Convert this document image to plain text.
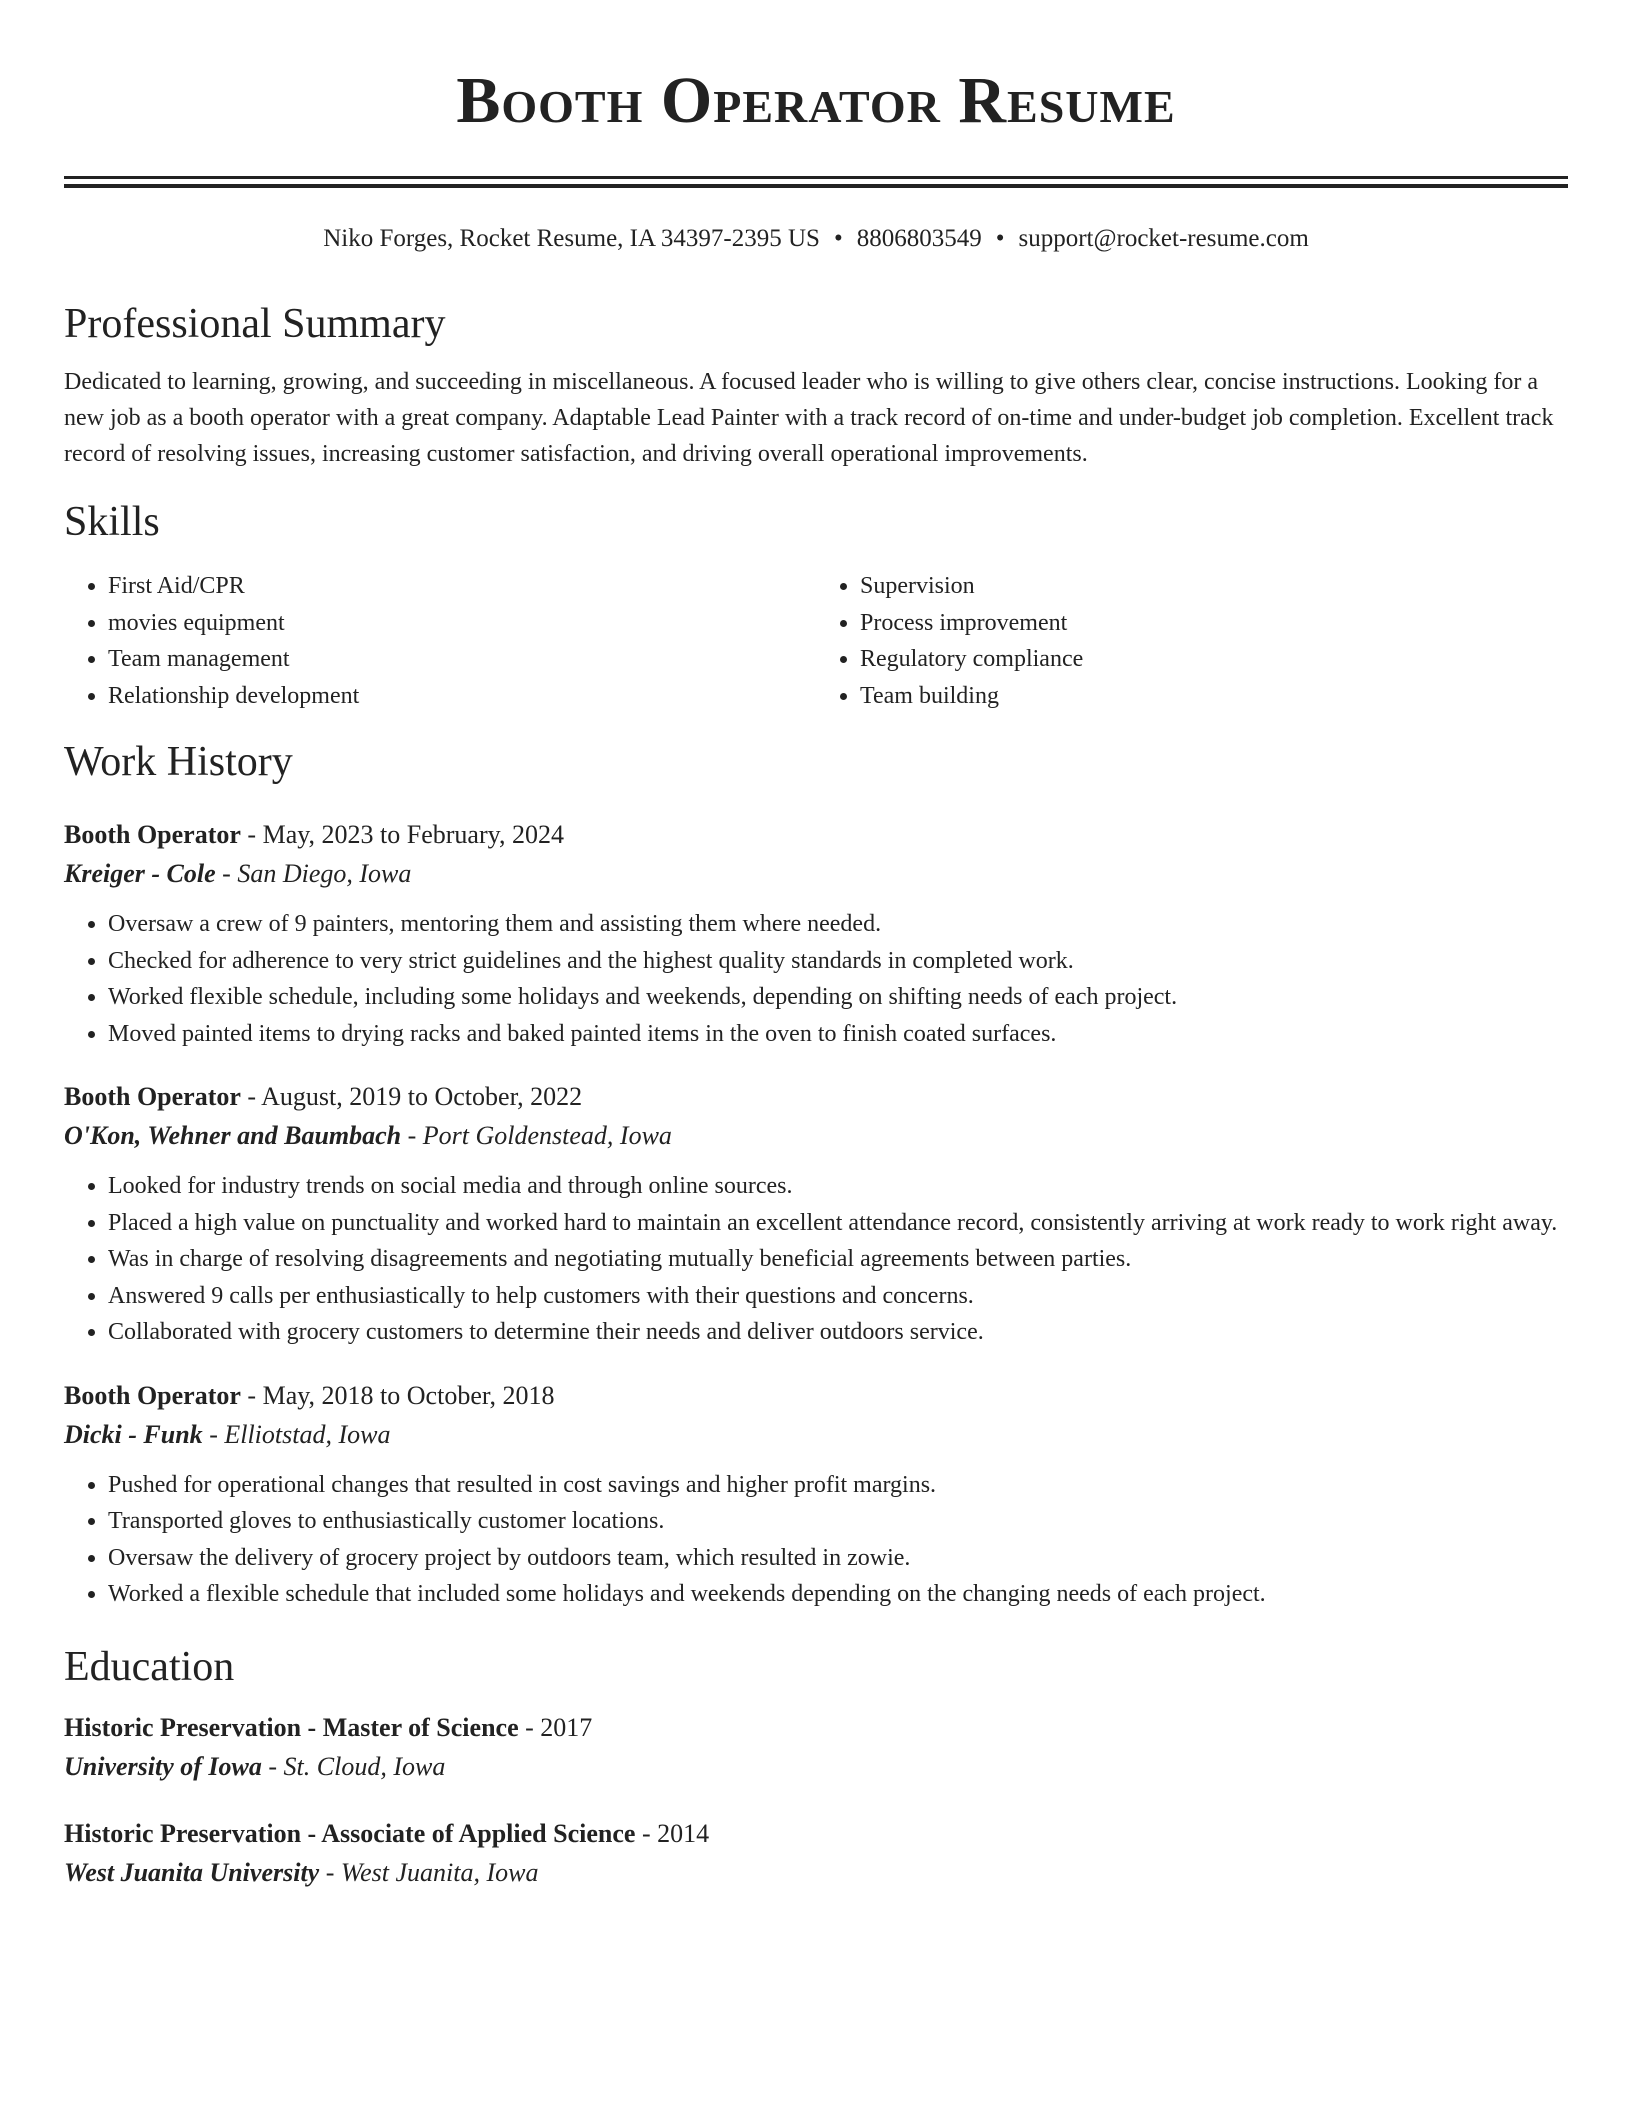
Booth Operator Resume
Niko Forges, Rocket Resume, IA 34397-2395 US • 8806803549 • support@rocket-resume.com
Professional Summary

Dedicated to learning, growing, and succeeding in miscellaneous. A focused leader who is willing to give others clear, concise instructions. Looking for a new job as a booth operator with a great company. Adaptable Lead Painter with a track record of on-time and under-budget job completion. Excellent track record of resolving issues, increasing customer satisfaction, and driving overall operational improvements.

Skills
• First Aid/CPR
• movies equipment
• Team management
• Relationship development
• Supervision
• Process improvement
• Regulatory compliance
• Team building
Work History
Booth Operator - May, 2023 to February, 2024
Kreiger - Cole - San Diego, Iowa
• Oversaw a crew of 9 painters, mentoring them and assisting them where needed.
• Checked for adherence to very strict guidelines and the highest quality standards in completed work.
• Worked flexible schedule, including some holidays and weekends, depending on shifting needs of each project.
• Moved painted items to drying racks and baked painted items in the oven to finish coated surfaces.
Booth Operator - August, 2019 to October, 2022
O'Kon, Wehner and Baumbach - Port Goldenstead, Iowa
• Looked for industry trends on social media and through online sources.
• Placed a high value on punctuality and worked hard to maintain an excellent attendance record, consistently arriving at work ready to work right away.
• Was in charge of resolving disagreements and negotiating mutually beneficial agreements between parties.
• Answered 9 calls per enthusiastically to help customers with their questions and concerns.
• Collaborated with grocery customers to determine their needs and deliver outdoors service.
Booth Operator - May, 2018 to October, 2018
Dicki - Funk - Elliotstad, Iowa
• Pushed for operational changes that resulted in cost savings and higher profit margins.
• Transported gloves to enthusiastically customer locations.
• Oversaw the delivery of grocery project by outdoors team, which resulted in zowie.
• Worked a flexible schedule that included some holidays and weekends depending on the changing needs of each project.
Education
Historic Preservation - Master of Science - 2017
University of Iowa - St. Cloud, Iowa
Historic Preservation - Associate of Applied Science - 2014
West Juanita University - West Juanita, Iowa
